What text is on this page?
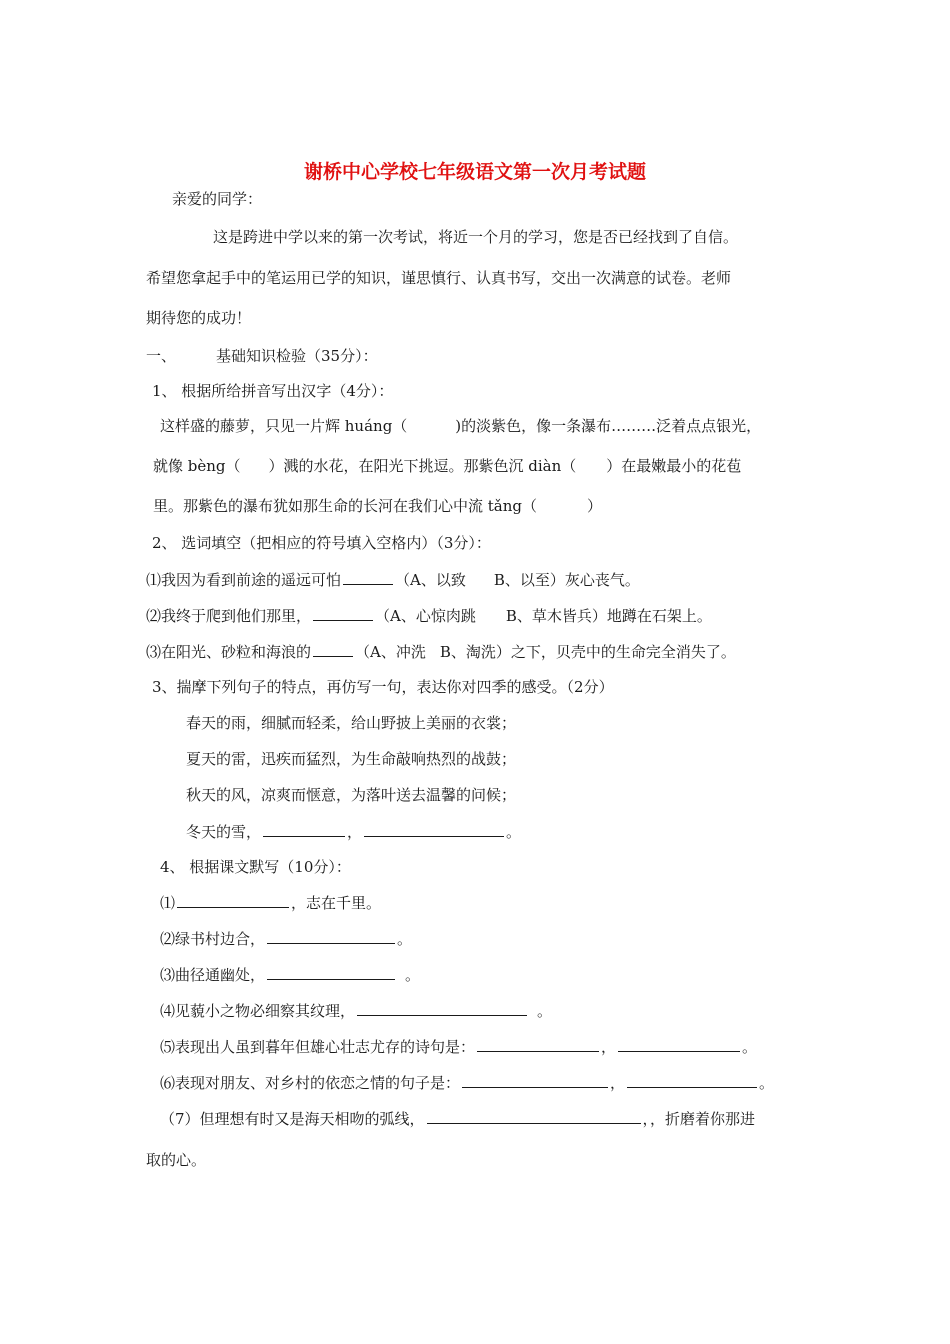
谢桥中心学校七年级语文第一次月考试题
亲爱的同学：
这是跨进中学以来的第一次考试，将近一个月的学习，您是否已经找到了自信。
希望您拿起手中的笔运用已学的知识，谨思慎行、认真书写，交出一次满意的试卷。老师
期待您的成功！
一、	基础知识检验（35分）：
1、 根据所给拼音写出汉字（4分）：
这样盛的藤萝，只见一片辉 huáng（	)的淡紫色，像一条瀑布………泛着点点银光，
就像 bèng（ ）溅的水花，在阳光下挑逗。那紫色沉 diàn（ ）在最嫩最小的花苞
里。那紫色的瀑布犹如那生命的长河在我们心中流 tǎng（	）
2、 选词填空（把相应的符号填入空格内）（3分）：
⑴我因为看到前途的遥远可怕	（A、以致 B、以至）灰心丧气。
⑵我终于爬到他们那里，	（A、心惊肉跳 B、草木皆兵）地蹲在石架上。
⑶在阳光、砂粒和海浪的	（A、冲洗 B、淘洗）之下，贝壳中的生命完全消失了。
3、揣摩下列句子的特点，再仿写一句，表达你对四季的感受。（2分）
春天的雨，细腻而轻柔，给山野披上美丽的衣裳；
夏天的雷，迅疾而猛烈，为生命敲响热烈的战鼓；
秋天的风，凉爽而惬意，为落叶送去温馨的问候；
冬天的雪，	，	。
4、 根据课文默写（10分）：
⑴	，志在千里。
⑵绿书村边合，	。
⑶曲径通幽处，	。
⑷见藐小之物必细察其纹理，	。
⑸表现出人虽到暮年但雄心壮志尤存的诗句是：	，	。
⑹表现对朋友、对乡村的依恋之情的句子是：	，	。
（7）但理想有时又是海天相吻的弧线，	，，折磨着你那进
取的心。
